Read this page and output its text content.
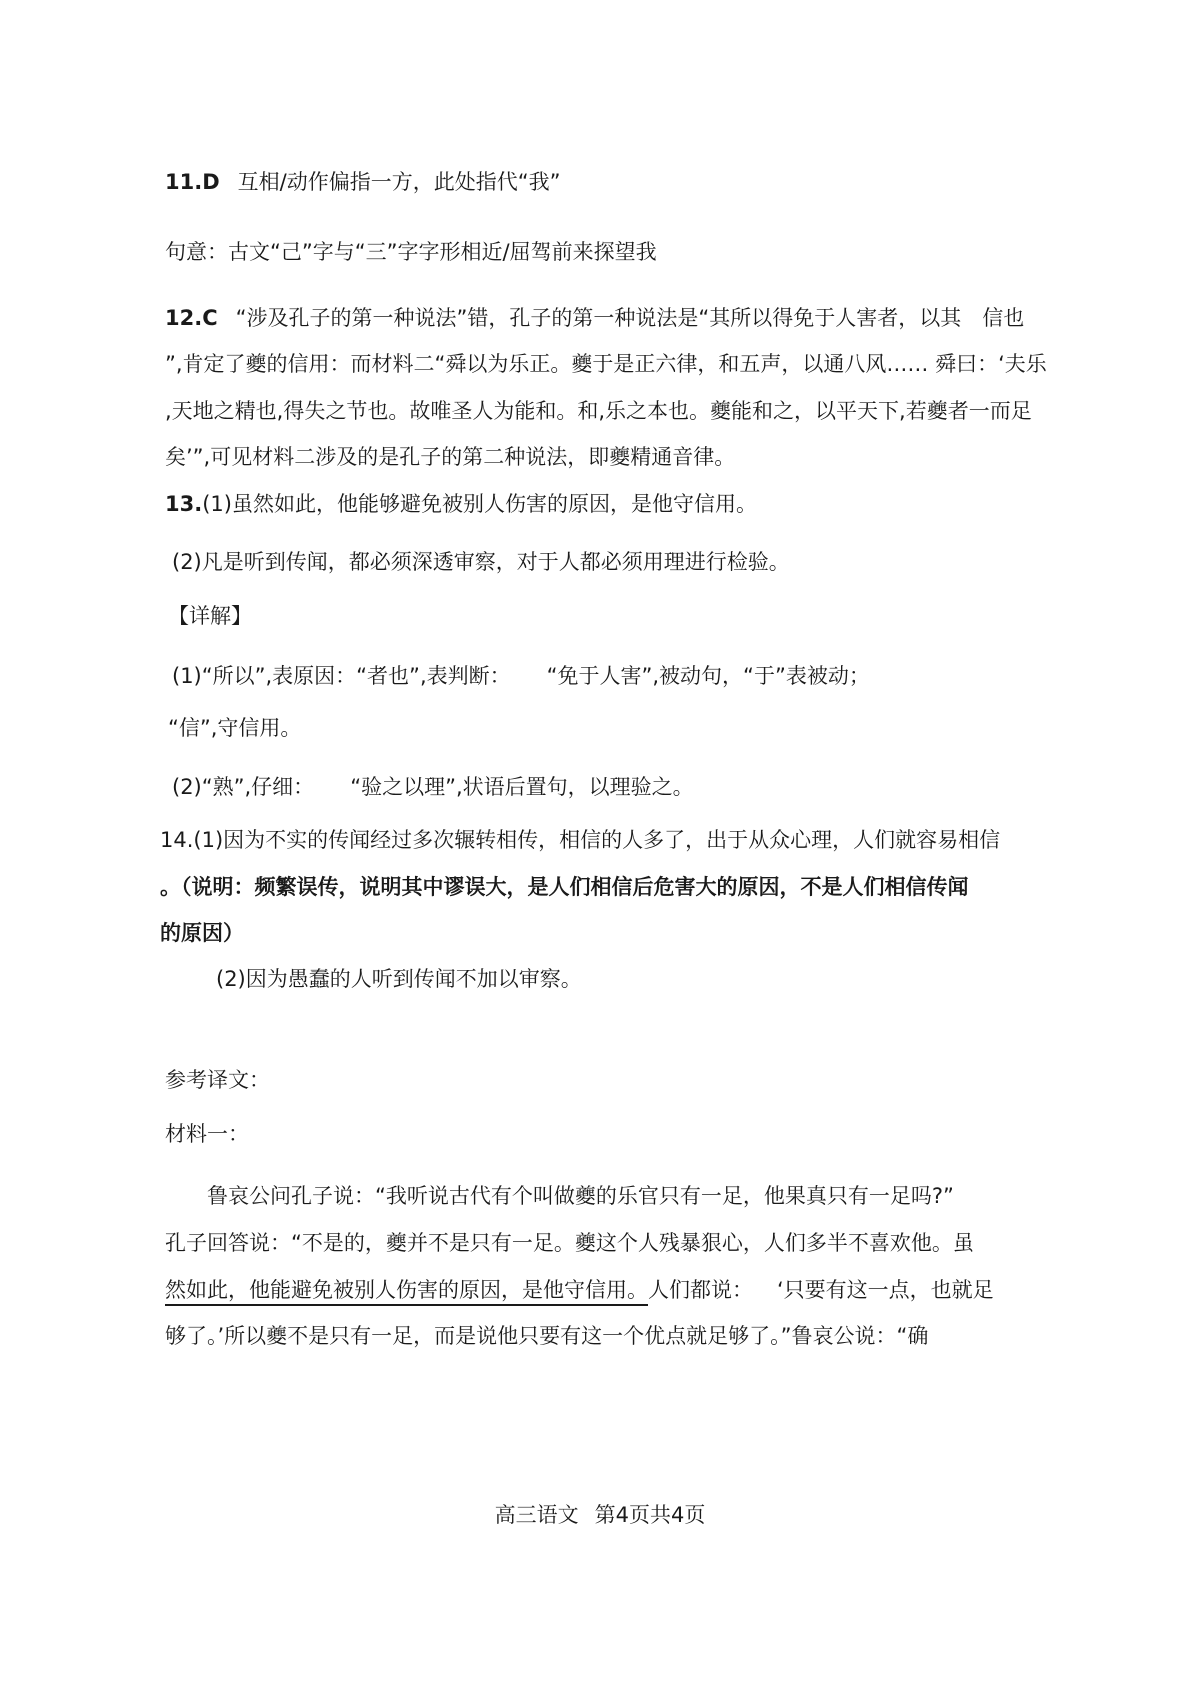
11.D 互相/动作偏指一方，此处指代“我”
句意：古文“己”字与“三”字字形相近/屈驾前来探望我
12.C “涉及孔子的第一种说法”错，孔子的第一种说法是“其所以得免于人害者，以其　信也
”,肯定了夔的信用：而材料二“舜以为乐正。夔于是正六律，和五声，以通八风…… 舜曰：‘夫乐
,天地之精也,得失之节也。故唯圣人为能和。和,乐之本也。夔能和之，以平天下,若夔者一而足
矣’”,可见材料二涉及的是孔子的第二种说法，即夔精通音律。
13.(1)虽然如此，他能够避免被别人伤害的原因，是他守信用。
(2)凡是听到传闻，都必须深透审察，对于人都必须用理进行检验。
【详解】
(1)“所以”,表原因：“者也”,表判断： “免于人害”,被动句，“于”表被动；
“信”,守信用。
(2)“熟”,仔细： “验之以理”,状语后置句，以理验之。
14.(1)因为不实的传闻经过多次辗转相传，相信的人多了，出于从众心理，人们就容易相信
。（说明：频繁误传，说明其中谬误大，是人们相信后危害大的原因，不是人们相信传闻
的原因）
(2)因为愚蠢的人听到传闻不加以审察。
参考译文：
材料一：
鲁哀公问孔子说：“我听说古代有个叫做夔的乐官只有一足，他果真只有一足吗?”
孔子回答说：“不是的，夔并不是只有一足。夔这个人残暴狠心，人们多半不喜欢他。虽
然如此，他能避免被别人伤害的原因，是他守信用。人们都说： ‘只要有这一点，也就足
够了。’所以夔不是只有一足，而是说他只要有这一个优点就足够了。”鲁哀公说：“确
高三语文 第4页共4页
